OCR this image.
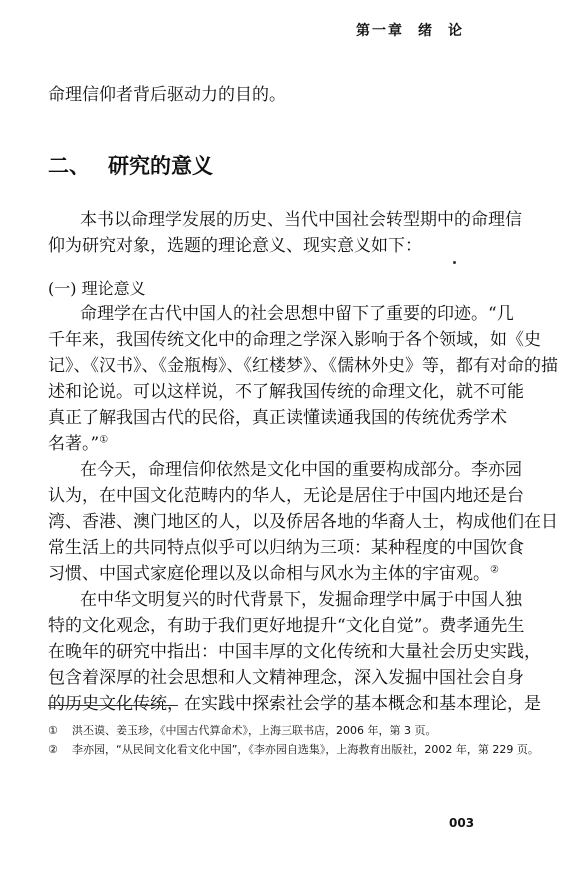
第一章 绪 论
命理信仰者背后驱动力的目的。
二、 研究的意义
本书以命理学发展的历史、当代中国社会转型期中的命理信
仰为研究对象，选题的理论意义、现实意义如下：
(一) 理论意义
命理学在古代中国人的社会思想中留下了重要的印迹。“几
千年来，我国传统文化中的命理之学深入影响于各个领域，如《史
记》、《汉书》、《金瓶梅》、《红楼梦》、《儒林外史》等，都有对命的描
述和论说。可以这样说，不了解我国传统的命理文化，就不可能
真正了解我国古代的民俗，真正读懂读通我国的传统优秀学术
名著。”①
在今天，命理信仰依然是文化中国的重要构成部分。李亦园
认为，在中国文化范畴内的华人，无论是居住于中国内地还是台
湾、香港、澳门地区的人，以及侨居各地的华裔人士，构成他们在日
常生活上的共同特点似乎可以归纳为三项：某种程度的中国饮食
习惯、中国式家庭伦理以及以命相与风水为主体的宇宙观。②
在中华文明复兴的时代背景下，发掘命理学中属于中国人独
特的文化观念，有助于我们更好地提升“文化自觉”。费孝通先生
在晚年的研究中指出：中国丰厚的文化传统和大量社会历史实践，
包含着深厚的社会思想和人文精神理念，深入发掘中国社会自身
的历史文化传统，在实践中探索社会学的基本概念和基本理论，是
① 洪丕谟、姜玉珍，《中国古代算命术》，上海三联书店，2006 年，第 3 页。
② 李亦园，“从民间文化看文化中国”，《李亦园自选集》，上海教育出版社，2002 年，第 229 页。
003
